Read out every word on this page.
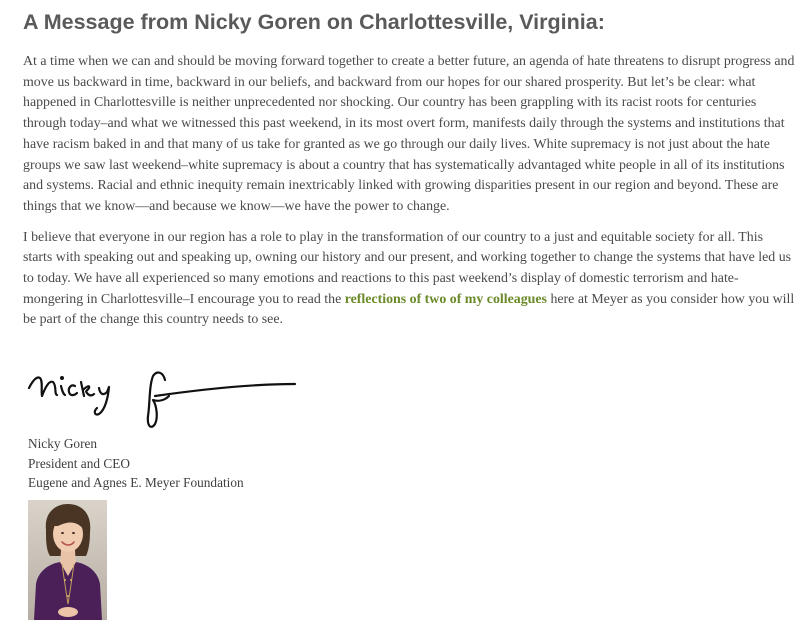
A Message from Nicky Goren on Charlottesville, Virginia:

At a time when we can and should be moving forward together to create a better future, an agenda of hate threatens to disrupt progress and move us backward in time, backward in our beliefs, and backward from our hopes for our shared prosperity. But let’s be clear: what happened in Charlottesville is neither unprecedented nor shocking. Our country has been grappling with its racist roots for centuries through today–and what we witnessed this past weekend, in its most overt form, manifests daily through the systems and institutions that have racism baked in and that many of us take for granted as we go through our daily lives. White supremacy is not just about the hate groups we saw last weekend–white supremacy is about a country that has systematically advantaged white people in all of its institutions and systems. Racial and ethnic inequity remain inextricably linked with growing disparities present in our region and beyond. These are things that we know—and because we know—we have the power to change.

I believe that everyone in our region has a role to play in the transformation of our country to a just and equitable society for all. This starts with speaking out and speaking up, owning our history and our present, and working together to change the systems that have led us to today. We have all experienced so many emotions and reactions to this past weekend’s display of domestic terrorism and hate-mongering in Charlottesville–I encourage you to read the reflections of two of my colleagues here at Meyer as you consider how you will be part of the change this country needs to see.

Nicky Goren
President and CEO
Eugene and Agnes E. Meyer Foundation
